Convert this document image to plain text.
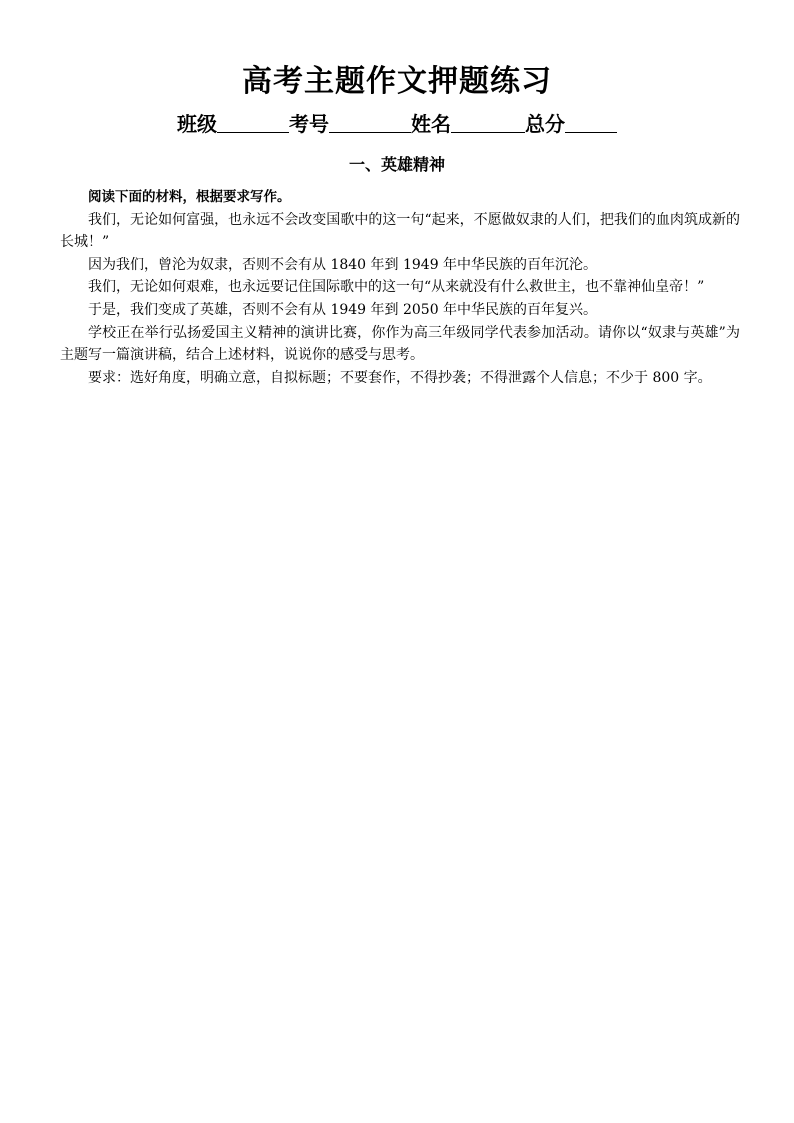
高考主题作文押题练习
班级	考号	姓名	总分
一、英雄精神

阅读下面的材料，根据要求写作。

我们，无论如何富强，也永远不会改变国歌中的这一句“起来，不愿做奴隶的人们，把我们的血肉筑成新的长城！”

因为我们，曾沦为奴隶，否则不会有从 1840 年到 1949 年中华民族的百年沉沦。

我们，无论如何艰难，也永远要记住国际歌中的这一句“从来就没有什么救世主，也不靠神仙皇帝！”

于是，我们变成了英雄，否则不会有从 1949 年到 2050 年中华民族的百年复兴。

学校正在举行弘扬爱国主义精神的演讲比赛，你作为高三年级同学代表参加活动。请你以“奴隶与英雄”为主题写一篇演讲稿，结合上述材料，说说你的感受与思考。

要求：选好角度，明确立意，自拟标题；不要套作，不得抄袭；不得泄露个人信息；不少于 800 字。
